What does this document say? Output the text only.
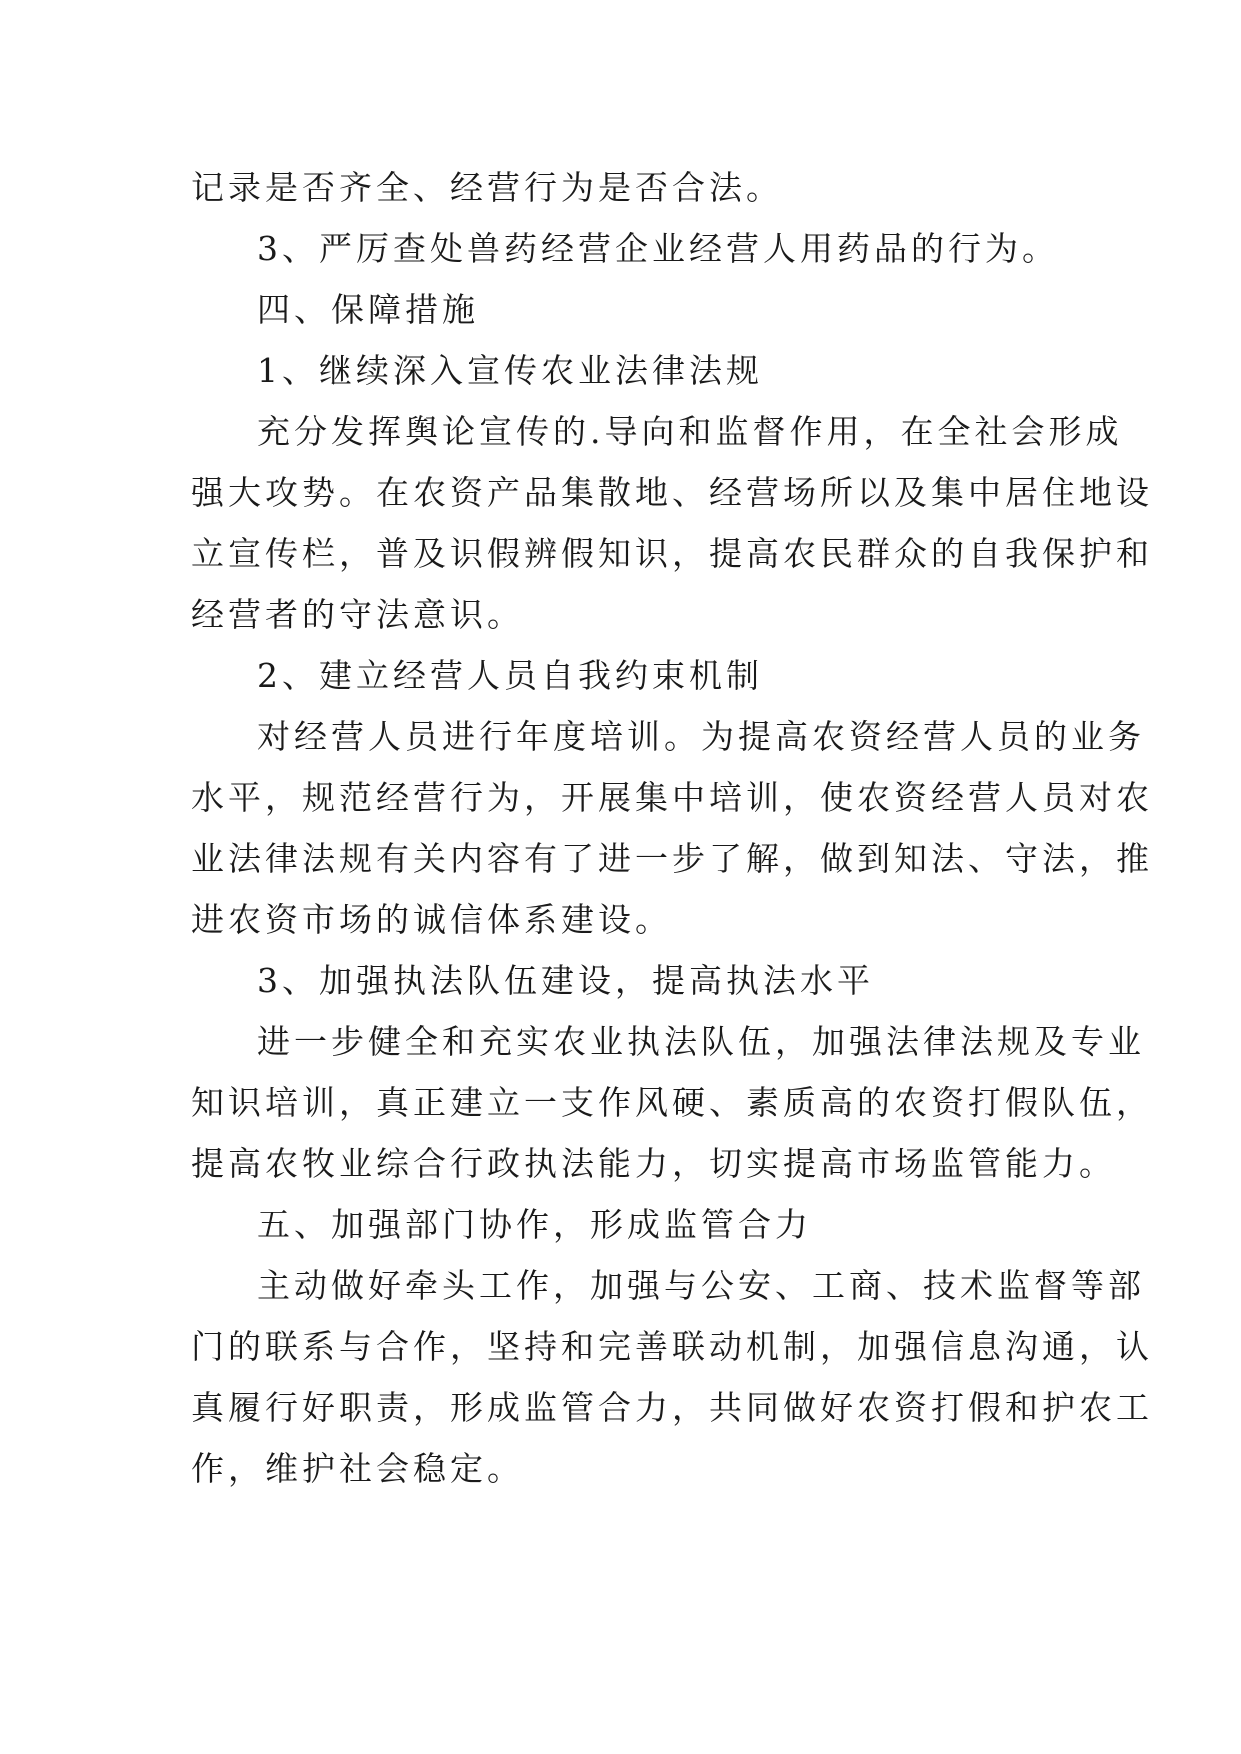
记录是否齐全、经营行为是否合法。
3、严厉查处兽药经营企业经营人用药品的行为。
四、保障措施
1、继续深入宣传农业法律法规
充分发挥舆论宣传的.导向和监督作用，在全社会形成
强大攻势。在农资产品集散地、经营场所以及集中居住地设
立宣传栏，普及识假辨假知识，提高农民群众的自我保护和
经营者的守法意识。
2、建立经营人员自我约束机制
对经营人员进行年度培训。为提高农资经营人员的业务
水平，规范经营行为，开展集中培训，使农资经营人员对农
业法律法规有关内容有了进一步了解，做到知法、守法，推
进农资市场的诚信体系建设。
3、加强执法队伍建设，提高执法水平
进一步健全和充实农业执法队伍，加强法律法规及专业
知识培训，真正建立一支作风硬、素质高的农资打假队伍，
提高农牧业综合行政执法能力，切实提高市场监管能力。
五、加强部门协作，形成监管合力
主动做好牵头工作，加强与公安、工商、技术监督等部
门的联系与合作，坚持和完善联动机制，加强信息沟通，认
真履行好职责，形成监管合力，共同做好农资打假和护农工
作，维护社会稳定。
